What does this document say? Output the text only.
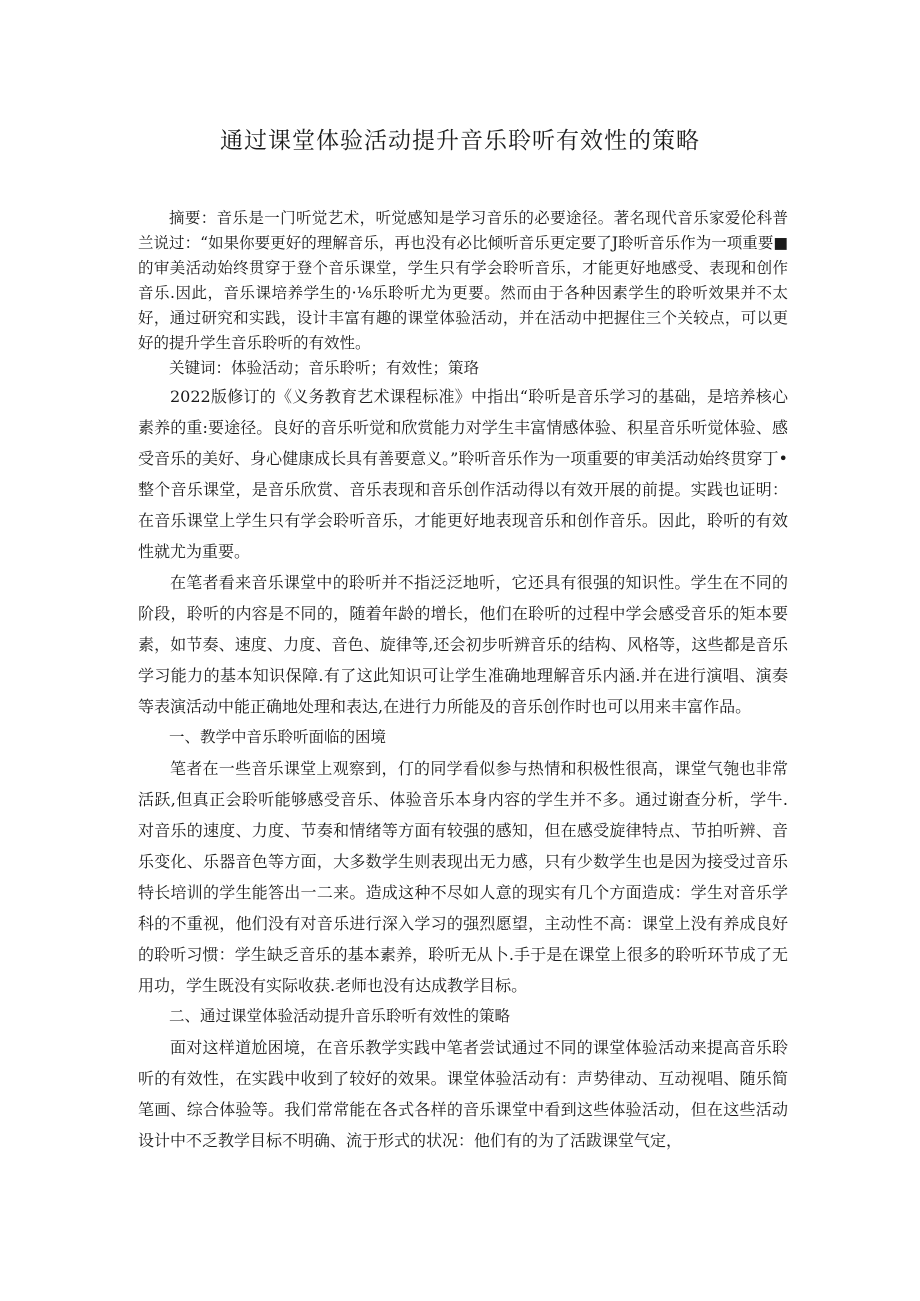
通过课堂体验活动提升音乐聆听有效性的策略

摘要：音乐是一门听觉艺术，听觉感知是学习音乐的必要途径。著名现代音乐家爱伦科普兰说过：“如果你要更好的理解音乐，再也没有必比倾听音乐更定要了J聆听音乐作为一项重要■的审美活动始终贯穿于登个音乐课堂，学生只有学会聆听音乐，才能更好地感受、表现和创作音乐.因此，音乐课培养学生的·⅛乐聆听尤为更要。然而由于各种因素学生的聆听效果并不太好，通过研究和实践，设计丰富有趣的课堂体验活动，并在活动中把握住三个关较点，可以更好的提升学生音乐聆听的有效性。

关键词：体验活动；音乐聆听；有效性；策珞

2022版修订的《义务教育艺术课程标准》中指出“聆听是音乐学习的基础，是培养核心素养的重:要途径。良好的音乐听觉和欣赏能力对学生丰富情感体验、积星音乐听觉体验、感受音乐的美好、身心健康成长具有善要意义。”聆听音乐作为一项重要的审美活动始终贯穿丁•整个音乐课堂，是音乐欣赏、音乐表现和音乐创作活动得以有效开展的前提。实践也证明：在音乐课堂上学生只有学会聆听音乐，才能更好地表现音乐和创作音乐。因此，聆听的有效性就尤为重要。

在笔者看来音乐课堂中的聆听并不指泛泛地听，它还具有很强的知识性。学生在不同的阶段，聆听的内容是不同的，随着年龄的增长，他们在聆听的过程中学会感受音乐的矩本要素，如节奏、速度、力度、音色、旋律等,还会初步听辨音乐的结构、风格等，这些都是音乐学习能力的基本知识保障.有了这此知识可让学生准确地理解音乐内涵.并在进行演唱、演奏等表演活动中能正确地处理和表达,在进行力所能及的音乐创作时也可以用来丰富作品。

一、教学中音乐聆听面临的困境

笔者在一些音乐课堂上观察到，仃的同学看似参与热情和积极性很高，课堂气匏也非常活跃,但真正会聆听能够感受音乐、体验音乐本身内容的学生并不多。通过谢查分析，学牛.对音乐的速度、力度、节奏和情绪等方面有较强的感知，但在感受旋律特点、节拍听辨、音乐变化、乐器音色等方面，大多数学生则表现出无力感，只有少数学生也是因为接受过音乐特长培训的学生能答出一二来。造成这种不尽如人意的现实有几个方面造成：学生对音乐学科的不重视，他们没有对音乐进行深入学习的强烈愿望，主动性不高：课堂上没有养成良好的聆听习惯：学生缺乏音乐的基本素养，聆听无从卜.手于是在课堂上很多的聆听环节成了无用功，学生既没有实际收获.老师也没有达成教学目标。

二、通过课堂体验活动提升音乐聆听有效性的策略

面对这样道尬困境，在音乐教学实践中笔者尝试通过不同的课堂体验活动来提高音乐聆听的有效性，在实践中收到了较好的效果。课堂体验活动有：声势律动、互动视唱、随乐简笔画、综合体验等。我们常常能在各式各样的音乐课堂中看到这些体验活动，但在这些活动设计中不乏教学目标不明确、流于形式的状况：他们有的为了活跋课堂气定，
